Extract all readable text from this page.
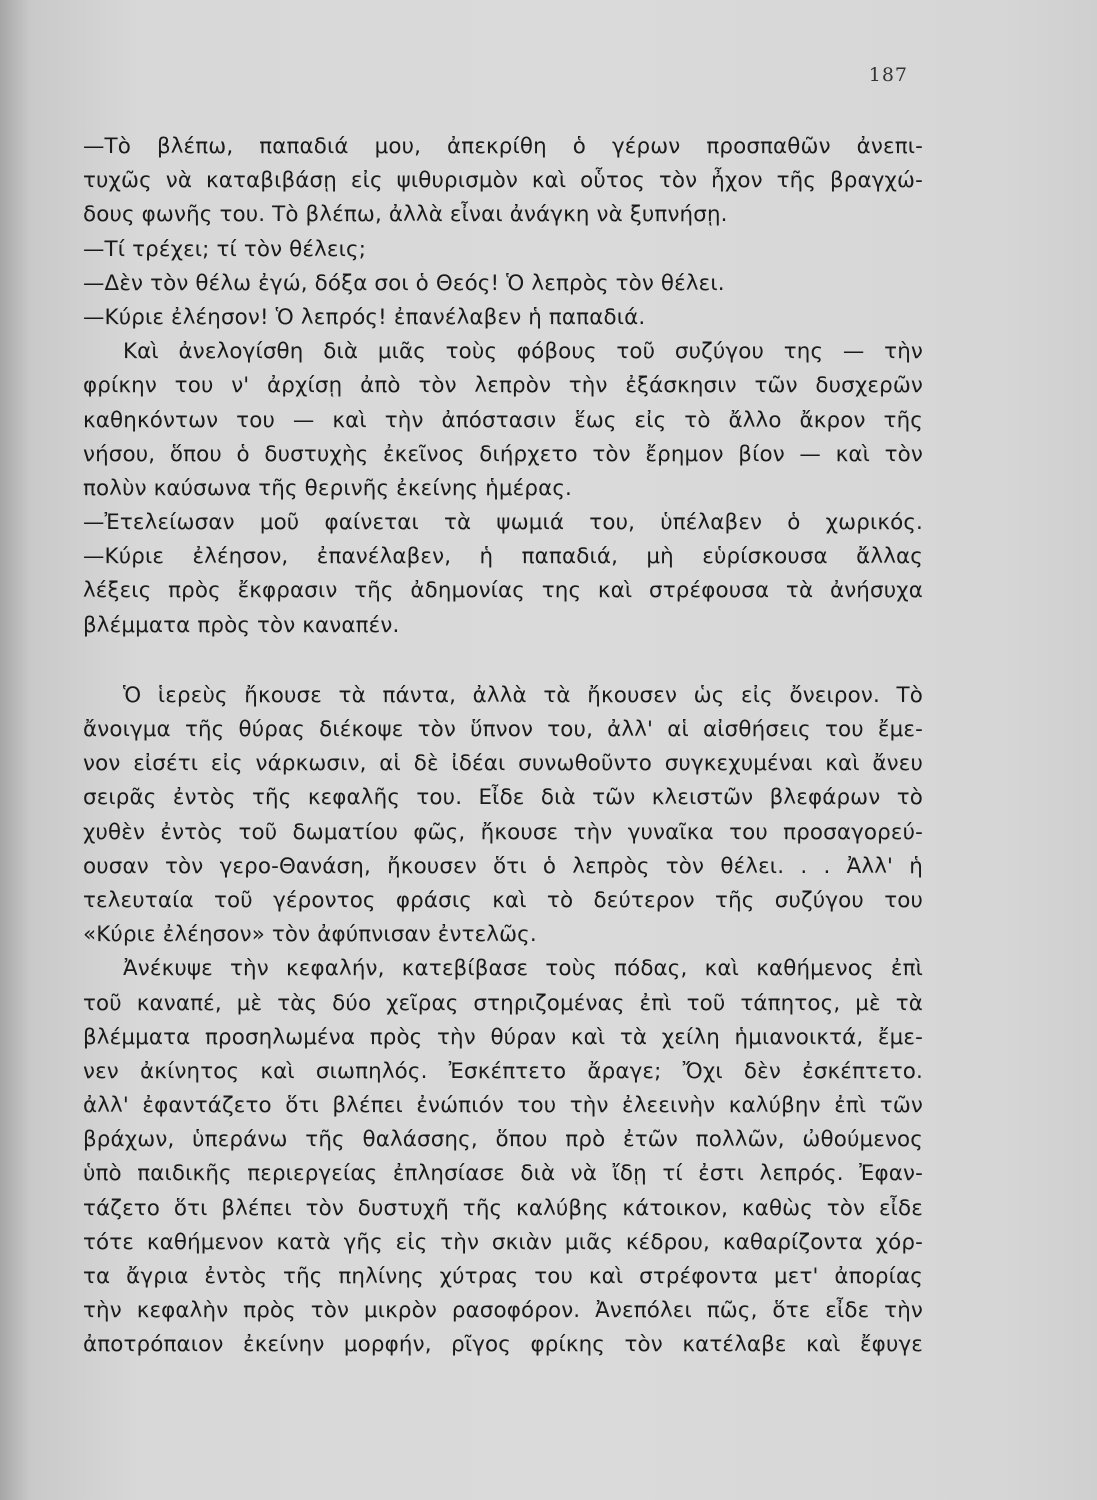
187

—Τὸ βλέπω, παπαδιά μου, ἀπεκρίθη ὁ γέρων προσπαθῶν ἀνεπι-
τυχῶς νὰ καταβιβάσῃ εἰς ψιθυρισμὸν καὶ οὗτος τὸν ἦχον τῆς βραγχώ-
δους φωνῆς του. Τὸ βλέπω, ἀλλὰ εἶναι ἀνάγκη νὰ ξυπνήσῃ.

—Τί τρέχει; τί τὸν θέλεις;

—Δὲν τὸν θέλω ἐγώ, δόξα σοι ὁ Θεός! Ὁ λεπρὸς τὸν θέλει.

—Κύριε ἐλέησον! Ὁ λεπρός! ἐπανέλαβεν ἡ παπαδιά.

Καὶ ἀνελογίσθη διὰ μιᾶς τοὺς φόβους τοῦ συζύγου της — τὴν
φρίκην του ν' ἀρχίσῃ ἀπὸ τὸν λεπρὸν τὴν ἐξάσκησιν τῶν δυσχερῶν
καθηκόντων του — καὶ τὴν ἀπόστασιν ἕως εἰς τὸ ἄλλο ἄκρον τῆς
νήσου, ὅπου ὁ δυστυχὴς ἐκεῖνος διήρχετο τὸν ἔρημον βίον — καὶ τὸν
πολὺν καύσωνα τῆς θερινῆς ἐκείνης ἡμέρας.

—Ἐτελείωσαν μοῦ φαίνεται τὰ ψωμιά του, ὑπέλαβεν ὁ χωρικός.

—Κύριε ἐλέησον, ἐπανέλαβεν, ἡ παπαδιά, μὴ εὑρίσκουσα ἄλλας
λέξεις πρὸς ἔκφρασιν τῆς ἀδημονίας της καὶ στρέφουσα τὰ ἀνήσυχα
βλέμματα πρὸς τὸν καναπέν.

Ὁ ἱερεὺς ἤκουσε τὰ πάντα, ἀλλὰ τὰ ἤκουσεν ὡς εἰς ὄνειρον. Τὸ
ἄνοιγμα τῆς θύρας διέκοψε τὸν ὕπνον του, ἀλλ' αἱ αἰσθήσεις του ἔμε-
νον εἰσέτι εἰς νάρκωσιν, αἱ δὲ ἰδέαι συνωθοῦντο συγκεχυμέναι καὶ ἄνευ
σειρᾶς ἐντὸς τῆς κεφαλῆς του. Εἶδε διὰ τῶν κλειστῶν βλεφάρων τὸ
χυθὲν ἐντὸς τοῦ δωματίου φῶς, ἤκουσε τὴν γυναῖκα του προσαγορεύ-
ουσαν τὸν γερο-Θανάση, ἤκουσεν ὅτι ὁ λεπρὸς τὸν θέλει. . . Ἀλλ' ἡ
τελευταία τοῦ γέροντος φράσις καὶ τὸ δεύτερον τῆς συζύγου του
«Κύριε ἐλέησον» τὸν ἀφύπνισαν ἐντελῶς.

Ἀνέκυψε τὴν κεφαλήν, κατεβίβασε τοὺς πόδας, καὶ καθήμενος ἐπὶ
τοῦ καναπέ, μὲ τὰς δύο χεῖρας στηριζομένας ἐπὶ τοῦ τάπητος, μὲ τὰ
βλέμματα προσηλωμένα πρὸς τὴν θύραν καὶ τὰ χείλη ἡμιανοικτά, ἔμε-
νεν ἀκίνητος καὶ σιωπηλός. Ἐσκέπτετο ἄραγε; Ὄχι δὲν ἐσκέπτετο.
ἀλλ' ἐφαντάζετο ὅτι βλέπει ἐνώπιόν του τὴν ἐλεεινὴν καλύβην ἐπὶ τῶν
βράχων, ὑπεράνω τῆς θαλάσσης, ὅπου πρὸ ἐτῶν πολλῶν, ὠθούμενος
ὑπὸ παιδικῆς περιεργείας ἐπλησίασε διὰ νὰ ἴδῃ τί ἐστι λεπρός. Ἐφαν-
τάζετο ὅτι βλέπει τὸν δυστυχῆ τῆς καλύβης κάτοικον, καθὼς τὸν εἶδε
τότε καθήμενον κατὰ γῆς εἰς τὴν σκιὰν μιᾶς κέδρου, καθαρίζοντα χόρ-
τα ἄγρια ἐντὸς τῆς πηλίνης χύτρας του καὶ στρέφοντα μετ' ἀπορίας
τὴν κεφαλὴν πρὸς τὸν μικρὸν ρασοφόρον. Ἀνεπόλει πῶς, ὅτε εἶδε τὴν
ἀποτρόπαιον ἐκείνην μορφήν, ρῖγος φρίκης τὸν κατέλαβε καὶ ἔφυγε
